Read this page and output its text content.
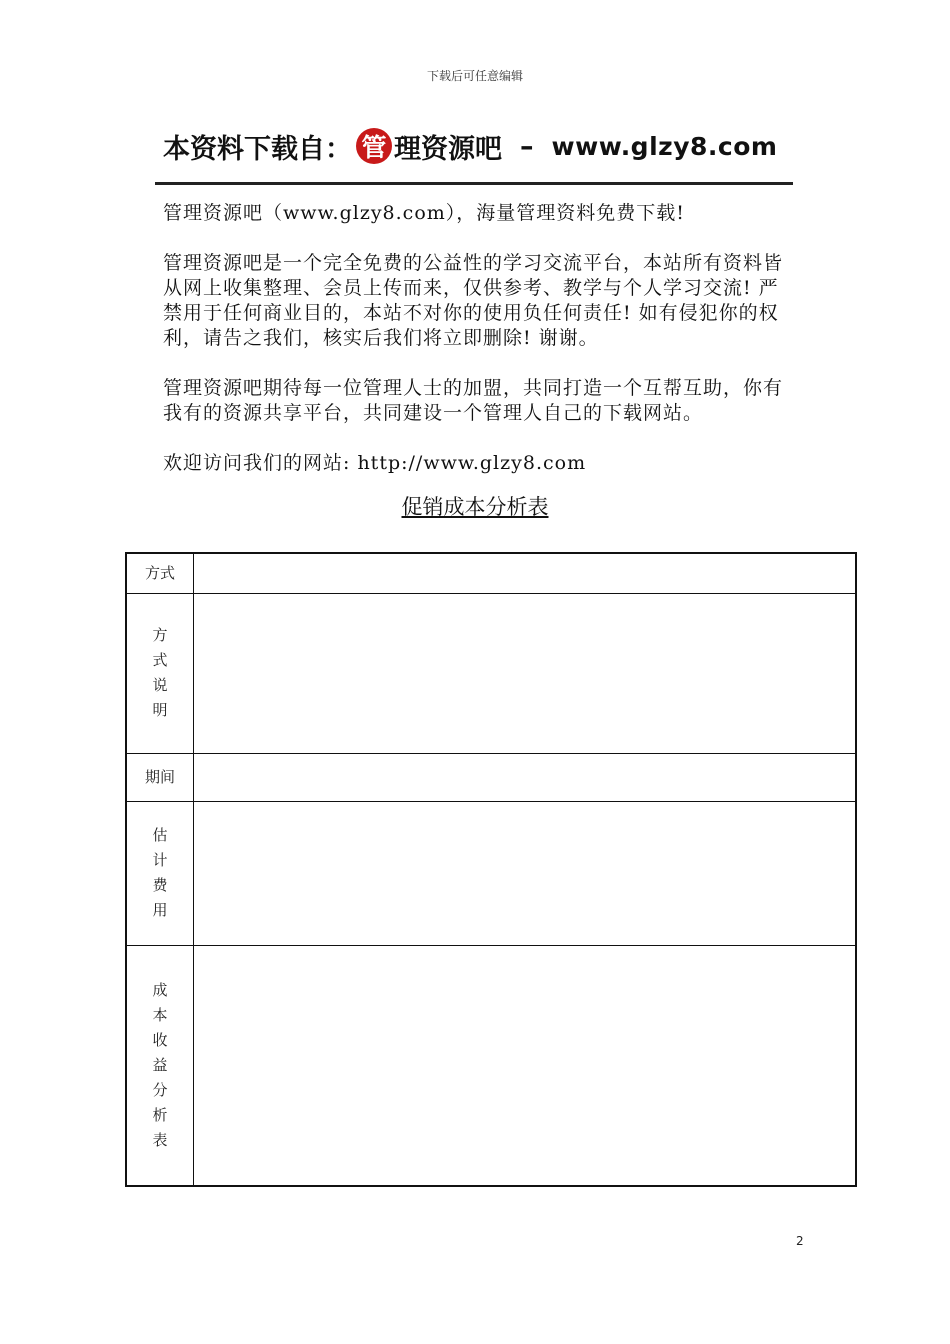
下载后可任意编辑
本资料下载自： 管 理资源吧 – www.glzy8.com
管理资源吧（www.glzy8.com），海量管理资料免费下载!
管理资源吧是一个完全免费的公益性的学习交流平台，本站所有资料皆从网上收集整理、会员上传而来，仅供参考、教学与个人学习交流! 严禁用于任何商业目的，本站不对你的使用负任何责任! 如有侵犯你的权利，请告之我们，核实后我们将立即删除! 谢谢。
管理资源吧期待每一位管理人士的加盟，共同打造一个互帮互助，你有我有的资源共享平台，共同建设一个管理人自己的下载网站。
欢迎访问我们的网站: http://www.glzy8.com
促销成本分析表
方式	
方式说明	
期间	
估计费用	
成本收益分析表	
2
